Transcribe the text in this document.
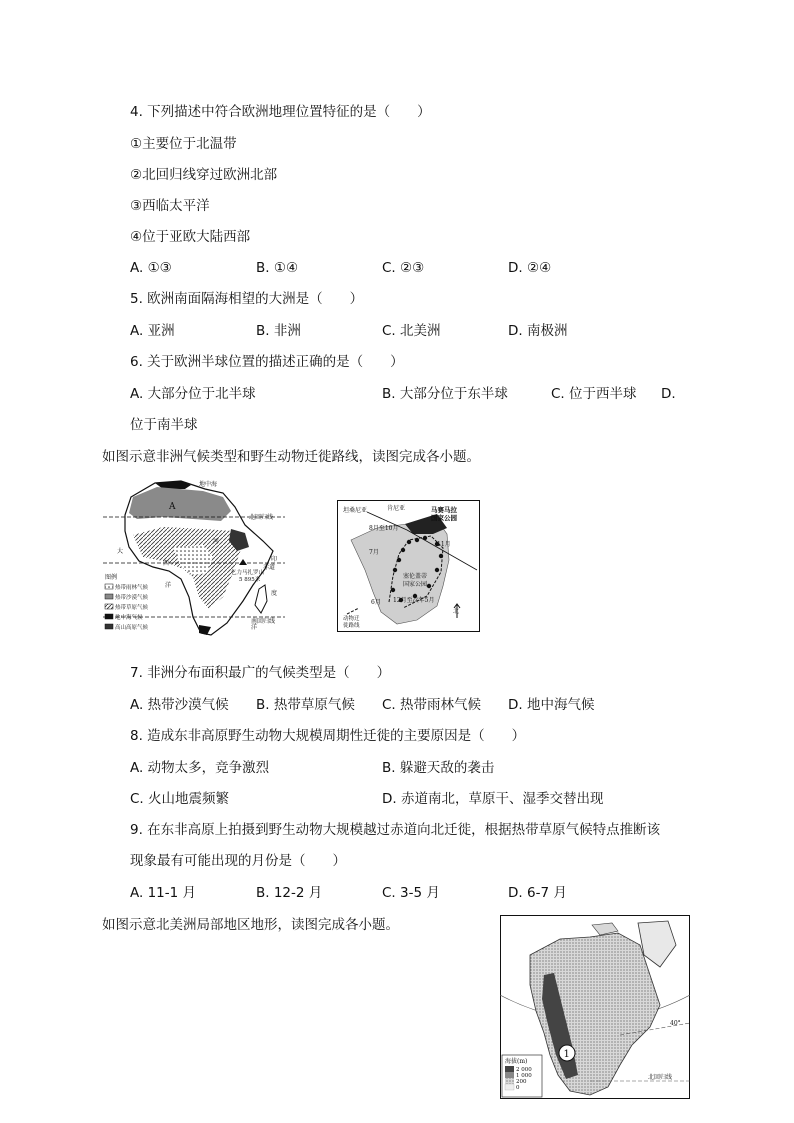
4. 下列描述中符合欧洲地理位置特征的是（　　）
①主要位于北温带
②北回归线穿过欧洲北部
③西临太平洋
④位于亚欧大陆西部
A. ①③	B. ①④	C. ②③	D. ②④
5. 欧洲南面隔海相望的大洲是（　　）
A. 亚洲	B. 非洲	C. 北美洲	D. 南极洲
6. 关于欧洲半球位置的描述正确的是（　　）
A. 大部分位于北半球	B. 大部分位于东半球	C. 位于西半球 D.
位于南半球
如图示意非洲气候类型和野生动物迁徙路线，读图完成各小题。
地中海
北回归线
A
河
大
西
洋
印
度
洋
赤道
乞力马扎罗山
5 895米
南回归线
图例
热带雨林气候
热带沙漠气候
热带草原气候
地中海气候
高山高原气候
坦桑尼亚	肯尼亚	马赛马拉
国家公园
8月至10月
7月
11月
塞伦盖蒂
国家公园
6月 12月至次年5月
北
动物迁
徙路线
7. 非洲分布面积最广的气候类型是（　　）
A. 热带沙漠气候 B. 热带草原气候 C. 热带雨林气候 D. 地中海气候
8. 造成东非高原野生动物大规模周期性迁徙的主要原因是（　　）
A. 动物太多，竞争激烈	B. 躲避天敌的袭击
C. 火山地震频繁	D. 赤道南北，草原干、湿季交替出现
9. 在东非高原上拍摄到野生动物大规模越过赤道向北迁徙，根据热带草原气候特点推断该
现象最有可能出现的月份是（　　）
A. 11-1 月	B. 12-2 月	C. 3-5 月	D. 6-7 月
如图示意北美洲局部地区地形，读图完成各小题。
1
40°
北回归线
海拔(m)
2 000
1 000
200
0
